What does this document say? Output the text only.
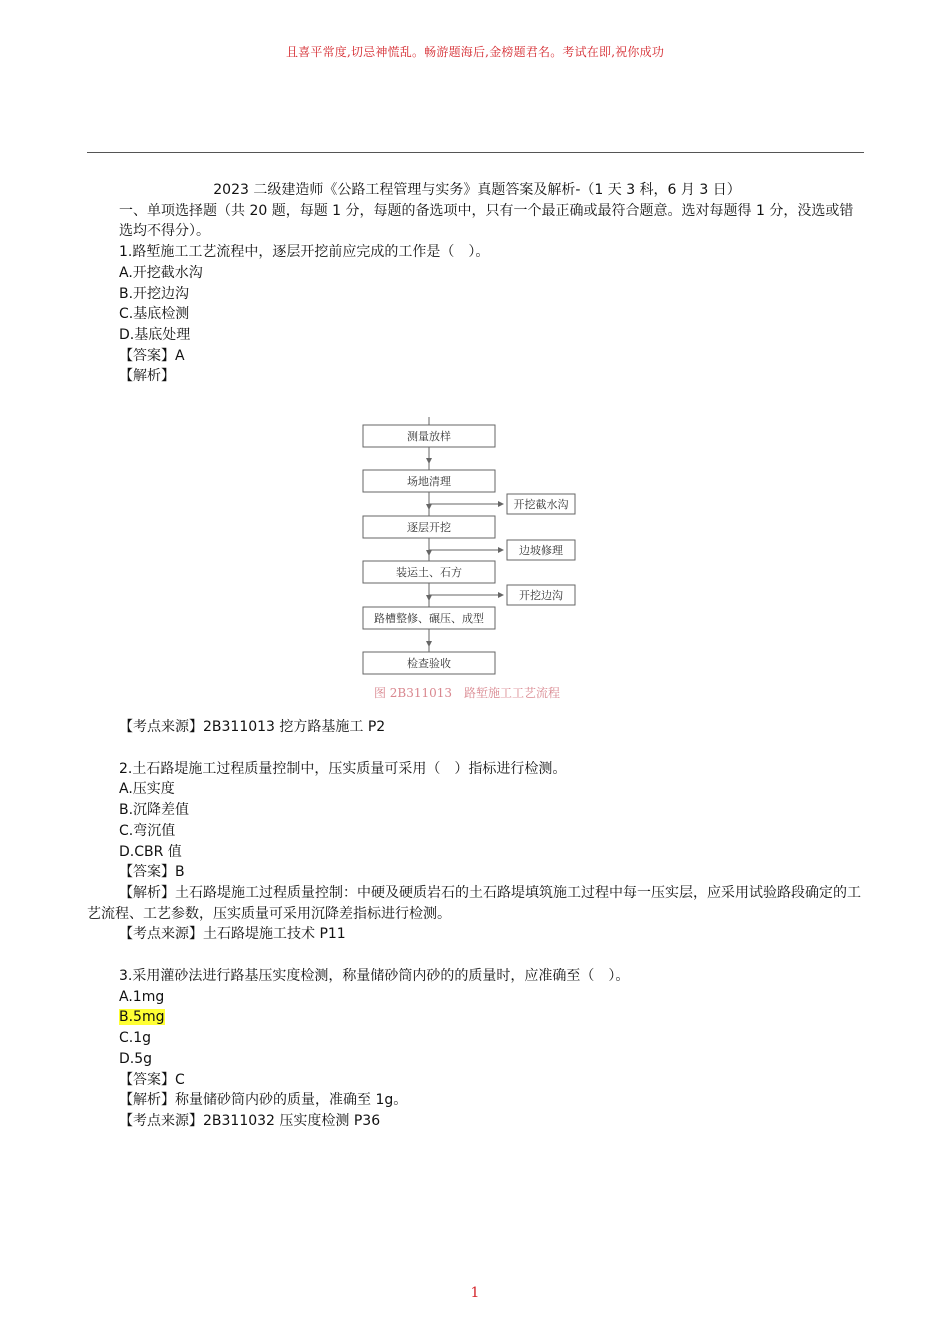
且喜平常度,切忌神慌乱。畅游题海后,金榜题君名。考试在即,祝你成功

2023 二级建造师《公路工程管理与实务》真题答案及解析-（1 天 3 科，6 月 3 日）

一、单项选择题（共 20 题，每题 1 分，每题的备选项中，只有一个最正确或最符合题意。选对每题得 1 分，没选或错选均不得分）。

1.路堑施工工艺流程中，逐层开挖前应完成的工作是（　）。

A.开挖截水沟

B.开挖边沟

C.基底检测

D.基底处理

【答案】A

【解析】

测量放样
场地清理
逐层开挖
装运土、石方
路槽整修、碾压、成型
检查验收
开挖截水沟
边坡修理
开挖边沟
图 2B311013　路堑施工工艺流程

【考点来源】2B311013 挖方路基施工 P2

2.土石路堤施工过程质量控制中，压实质量可采用（　）指标进行检测。

A.压实度

B.沉降差值

C.弯沉值

D.CBR 值

【答案】B

【解析】土石路堤施工过程质量控制：中硬及硬质岩石的土石路堤填筑施工过程中每一压实层，应采用试验路段确定的工艺流程、工艺参数，压实质量可采用沉降差指标进行检测。

【考点来源】土石路堤施工技术 P11

3.采用灌砂法进行路基压实度检测，称量储砂筒内砂的的质量时，应准确至（　）。

A.1mg

B.5mg

C.1g

D.5g

【答案】C

【解析】称量储砂筒内砂的质量，准确至 1g。

【考点来源】2B311032 压实度检测 P36

1
